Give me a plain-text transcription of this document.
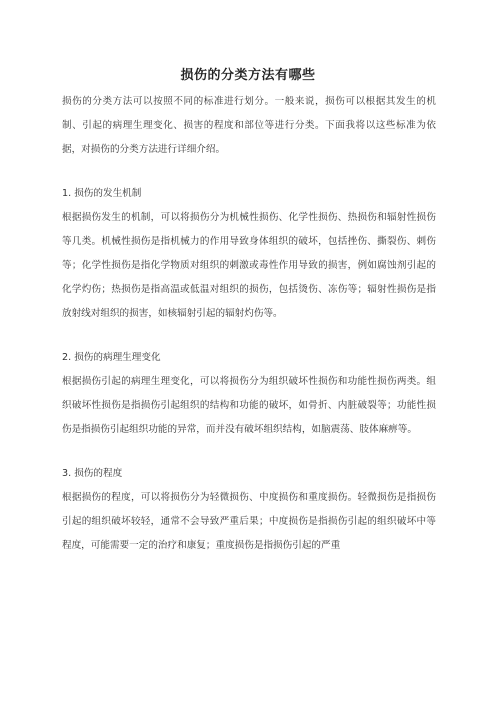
损伤的分类方法有哪些

损伤的分类方法可以按照不同的标准进行划分。一般来说，损伤可以根据其发生的机制、引起的病理生理变化、损害的程度和部位等进行分类。下面我将以这些标准为依据，对损伤的分类方法进行详细介绍。

1. 损伤的发生机制

根据损伤发生的机制，可以将损伤分为机械性损伤、化学性损伤、热损伤和辐射性损伤等几类。机械性损伤是指机械力的作用导致身体组织的破坏，包括挫伤、撕裂伤、刺伤等；化学性损伤是指化学物质对组织的刺激或毒性作用导致的损害，例如腐蚀剂引起的化学灼伤；热损伤是指高温或低温对组织的损伤，包括烫伤、冻伤等；辐射性损伤是指放射线对组织的损害，如核辐射引起的辐射灼伤等。

2. 损伤的病理生理变化

根据损伤引起的病理生理变化，可以将损伤分为组织破坏性损伤和功能性损伤两类。组织破坏性损伤是指损伤引起组织的结构和功能的破坏，如骨折、内脏破裂等；功能性损伤是指损伤引起组织功能的异常，而并没有破坏组织结构，如脑震荡、肢体麻痹等。

3. 损伤的程度

根据损伤的程度，可以将损伤分为轻微损伤、中度损伤和重度损伤。轻微损伤是指损伤引起的组织破坏较轻，通常不会导致严重后果；中度损伤是指损伤引起的组织破坏中等程度，可能需要一定的治疗和康复；重度损伤是指损伤引起的严重
